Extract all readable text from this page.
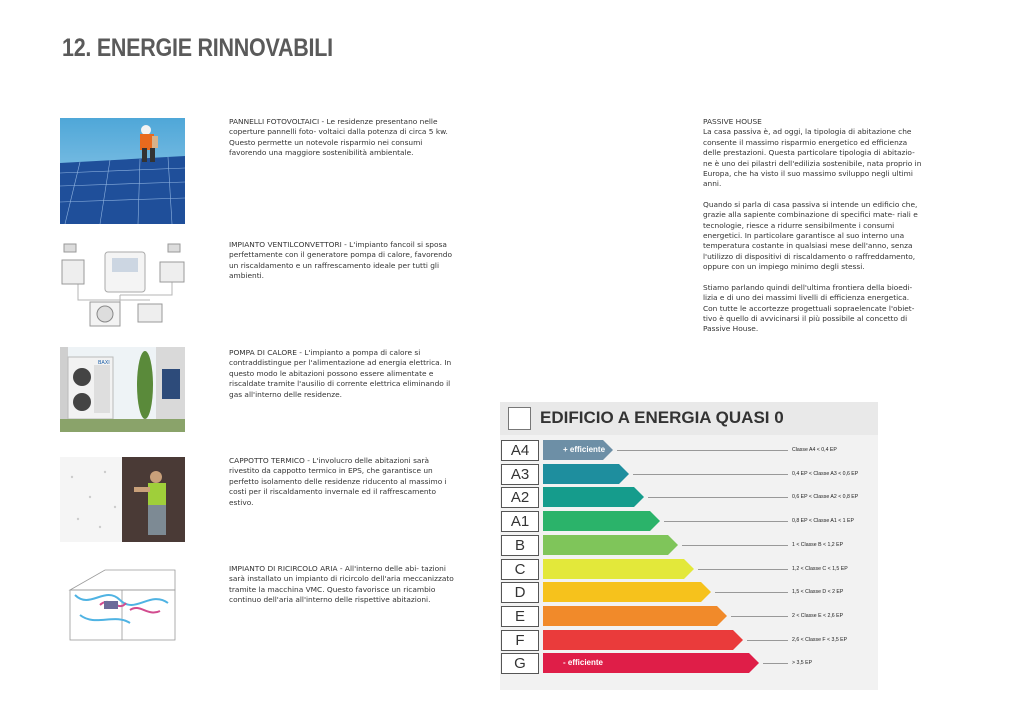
12. ENERGIE RINNOVABILI
PANNELLI FOTOVOLTAICI - Le residenze presentano nelle coperture pannelli foto- voltaici dalla potenza di circa 5 kw. Questo permette un notevole risparmio nei consumi favorendo una maggiore sostenibilità ambientale.
IMPIANTO VENTILCONVETTORI - L'impianto fancoil si sposa perfettamente con il generatore pompa di calore, favorendo un riscaldamento e un raffrescamento ideale per tutti gli ambienti.
BAXI
POMPA DI CALORE - L'impianto a pompa di calore si contraddistingue per l'alimentazione ad energia elettrica. In questo modo le abitazioni possono essere alimentate e riscaldate tramite l'ausilio di corrente elettrica eliminando il gas all'interno delle residenze.
CAPPOTTO TERMICO - L'involucro delle abitazioni sarà rivestito da cappotto termico in EPS, che garantisce un perfetto isolamento delle residenze riducento al massimo i costi per il riscaldamento invernale ed il raffrescamento estivo.
IMPIANTO DI RICIRCOLO ARIA - All'interno delle abi- tazioni sarà installato un impianto di ricircolo dell'aria meccanizzato tramite la macchina VMC. Questo favorisce un ricambio continuo dell'aria all'interno delle rispettive abitazioni.
PASSIVE HOUSE

La casa passiva è, ad oggi, la tipologia di abitazione che consente il massimo risparmio energetico ed efficienza delle prestazioni. Questa particolare tipologia di abitazio- ne è uno dei pilastri dell'edilizia sostenibile, nata proprio in Europa, che ha visto il suo massimo sviluppo negli ultimi anni.

Quando si parla di casa passiva si intende un edificio che, grazie alla sapiente combinazione di specifici mate- riali e tecnologie, riesce a ridurre sensibilmente i consumi energetici. In particolare garantisce al suo interno una temperatura costante in qualsiasi mese dell'anno, senza l'utilizzo di dispositivi di riscaldamento o raffreddamento, oppure con un impiego minimo degli stessi.

Stiamo parlando quindi dell'ultima frontiera della bioedi- lizia e di uno dei massimi livelli di efficienza energetica. Con tutte le accortezze progettuali sopraelencate l'obiet- tivo è quello di avvicinarsi il più possibile al concetto di Passive House.

EDIFICIO A ENERGIA QUASI 0
A4	+ efficiente	Classe A4 < 0,4 EP
A3	0,4 EP < Classe A3 < 0,6 EP
A2	0,6 EP < Classe A2 < 0,8 EP
A1	0,8 EP < Classe A1 < 1 EP
B	1 < Classe B < 1,2 EP
C	1,2 < Classe C < 1,5 EP
D	1,5 < Classe D < 2 EP
E	2 < Classe E < 2,6 EP
F	2,6 < Classe F < 3,5 EP
G	- efficiente	> 3,5 EP
